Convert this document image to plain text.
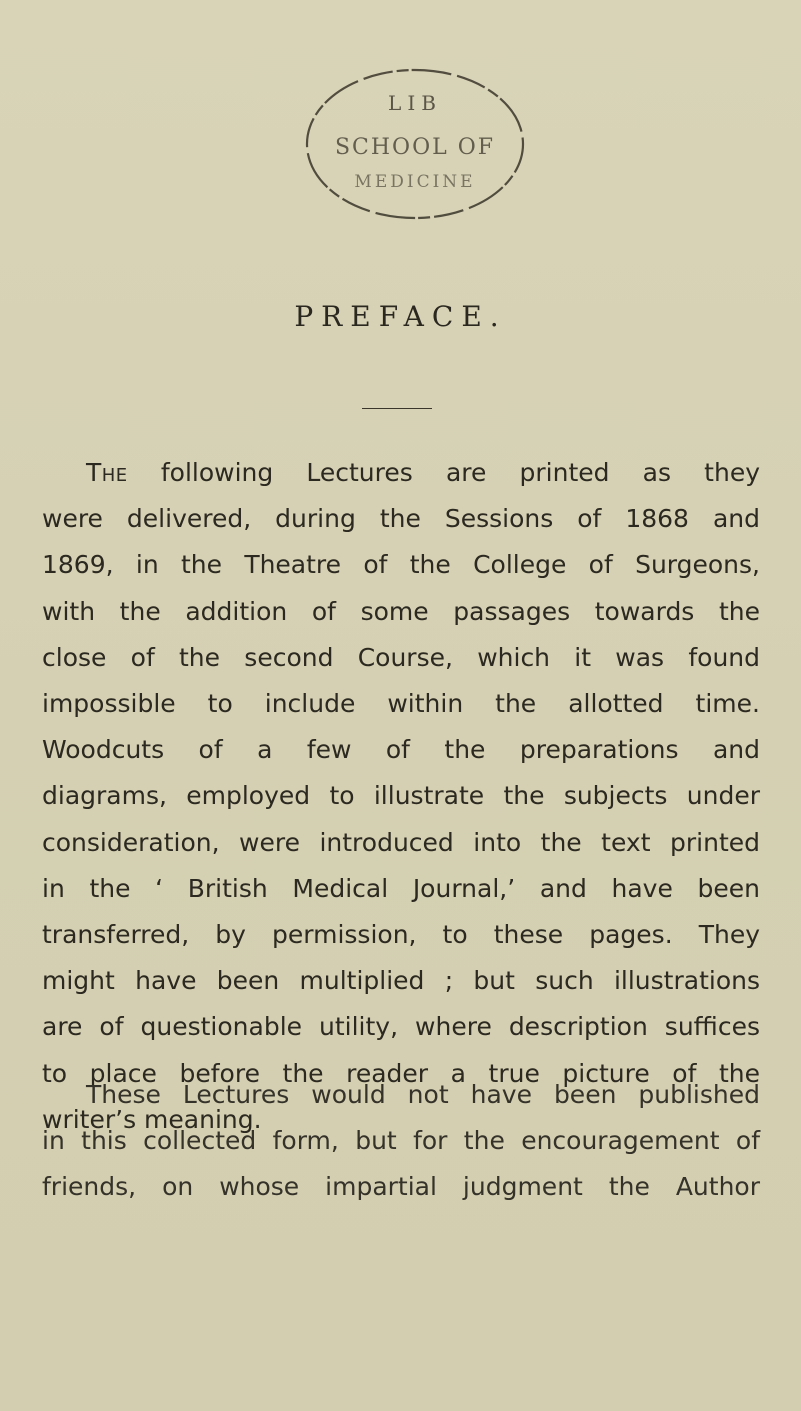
LIB
SCHOOL OF
MEDICINE
PREFACE.
The following Lectures are printed as they
were delivered, during the Sessions of 1868 and
1869, in the Theatre of the College of Surgeons,
with the addition of some passages towards the
close of the second Course, which it was found
impossible to include within the allotted time.
Woodcuts of a few of the preparations and
diagrams, employed to illustrate the subjects under
consideration, were introduced into the text printed
in the ‘ British Medical Journal,’ and have been
transferred, by permission, to these pages. They
might have been multiplied ; but such illustrations
are of questionable utility, where description suffices
to place before the reader a true picture of the
writer’s meaning.
These Lectures would not have been published
in this collected form, but for the encouragement of
friends, on whose impartial judgment the Author
